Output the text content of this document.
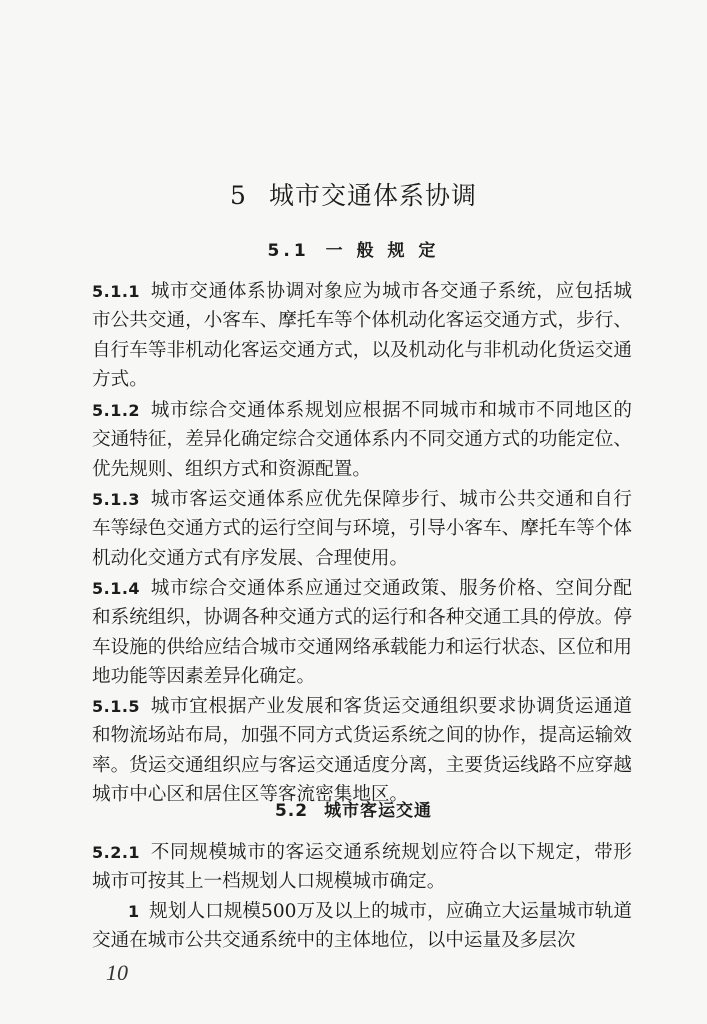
5 城市交通体系协调
5.1 一 般 规 定
5.1.1 城市交通体系协调对象应为城市各交通子系统，应包括城市公共交通，小客车、摩托车等个体机动化客运交通方式，步行、自行车等非机动化客运交通方式，以及机动化与非机动化货运交通方式。
5.1.2 城市综合交通体系规划应根据不同城市和城市不同地区的交通特征，差异化确定综合交通体系内不同交通方式的功能定位、优先规则、组织方式和资源配置。
5.1.3 城市客运交通体系应优先保障步行、城市公共交通和自行车等绿色交通方式的运行空间与环境，引导小客车、摩托车等个体机动化交通方式有序发展、合理使用。
5.1.4 城市综合交通体系应通过交通政策、服务价格、空间分配和系统组织，协调各种交通方式的运行和各种交通工具的停放。停车设施的供给应结合城市交通网络承载能力和运行状态、区位和用地功能等因素差异化确定。
5.1.5 城市宜根据产业发展和客货运交通组织要求协调货运通道和物流场站布局，加强不同方式货运系统之间的协作，提高运输效率。货运交通组织应与客运交通适度分离，主要货运线路不应穿越城市中心区和居住区等客流密集地区。
5.2 城市客运交通
5.2.1 不同规模城市的客运交通系统规划应符合以下规定，带形城市可按其上一档规划人口规模城市确定。
1 规划人口规模500万及以上的城市，应确立大运量城市轨道交通在城市公共交通系统中的主体地位，以中运量及多层次
10
